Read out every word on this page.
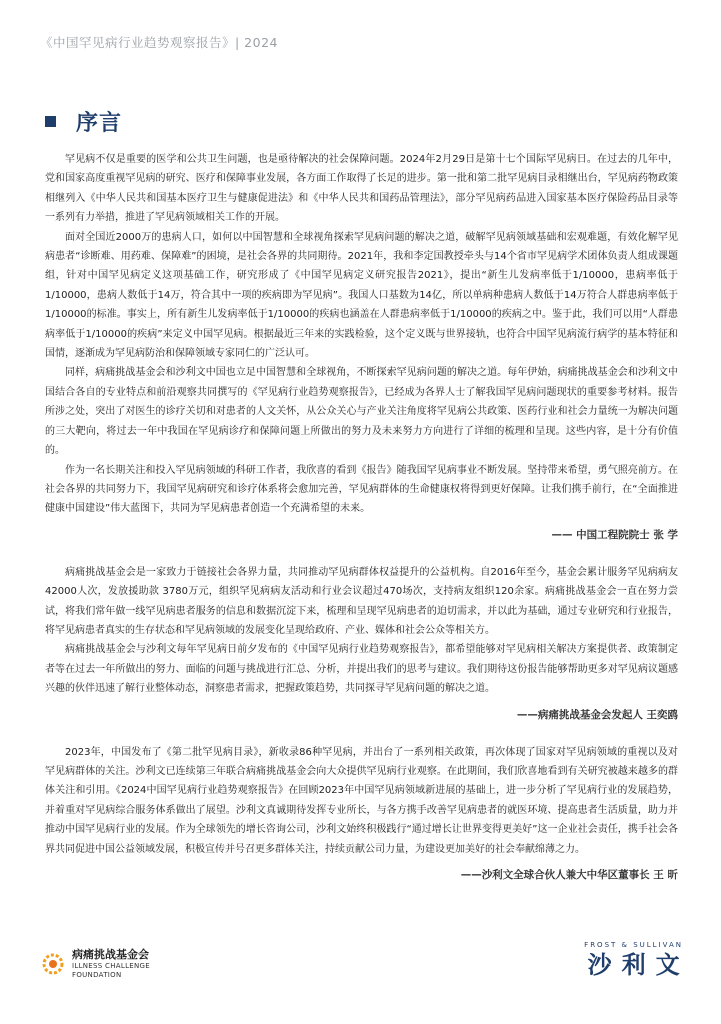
《中国罕见病行业趋势观察报告》| 2024
序言

罕见病不仅是重要的医学和公共卫生问题，也是亟待解决的社会保障问题。2024年2月29日是第十七个国际罕见病日。在过去的几年中，党和国家高度重视罕见病的研究、医疗和保障事业发展，各方面工作取得了长足的进步。第一批和第二批罕见病目录相继出台，罕见病药物政策相继列入《中华人民共和国基本医疗卫生与健康促进法》和《中华人民共和国药品管理法》，部分罕见病药品进入国家基本医疗保险药品目录等一系列有力举措，推进了罕见病领域相关工作的开展。

面对全国近2000万的患病人口，如何以中国智慧和全球视角探索罕见病问题的解决之道，破解罕见病领域基础和宏观难题，有效化解罕见病患者“诊断难、用药难、保障难”的困境，是社会各界的共同期待。2021年，我和李定国教授牵头与14个省市罕见病学术团体负责人组成课题组，针对中国罕见病定义这项基础工作，研究形成了《中国罕见病定义研究报告2021》，提出“新生儿发病率低于1/10000，患病率低于1/10000，患病人数低于14万，符合其中一项的疾病即为罕见病”。我国人口基数为14亿，所以单病种患病人数低于14万符合人群患病率低于1/10000的标准。事实上，所有新生儿发病率低于1/10000的疾病也涵盖在人群患病率低于1/10000的疾病之中。鉴于此，我们可以用“人群患病率低于1/10000的疾病”来定义中国罕见病。根据最近三年来的实践检验，这个定义既与世界接轨，也符合中国罕见病流行病学的基本特征和国情，逐渐成为罕见病防治和保障领域专家同仁的广泛认可。

同样，病痛挑战基金会和沙利文中国也立足中国智慧和全球视角，不断探索罕见病问题的解决之道。每年伊始，病痛挑战基金会和沙利文中国结合各自的专业特点和前沿观察共同撰写的《罕见病行业趋势观察报告》，已经成为各界人士了解我国罕见病问题现状的重要参考材料。报告所涉之处，突出了对医生的诊疗关切和对患者的人文关怀，从公众关心与产业关注角度将罕见病公共政策、医药行业和社会力量统一为解决问题的三大靶向，将过去一年中我国在罕见病诊疗和保障问题上所做出的努力及未来努力方向进行了详细的梳理和呈现。这些内容，是十分有价值的。

作为一名长期关注和投入罕见病领域的科研工作者，我欣喜的看到《报告》随我国罕见病事业不断发展。坚持带来希望，勇气照亮前方。在社会各界的共同努力下，我国罕见病研究和诊疗体系将会愈加完善，罕见病群体的生命健康权将得到更好保障。让我们携手前行，在“全面推进健康中国建设”伟大蓝图下，共同为罕见病患者创造一个充满希望的未来。

—— 中国工程院院士 张 学

病痛挑战基金会是一家致力于链接社会各界力量，共同推动罕见病群体权益提升的公益机构。自2016年至今，基金会累计服务罕见病病友 42000人次，发放援助款 3780万元，组织罕见病病友活动和行业会议超过470场次，支持病友组织120余家。病痛挑战基金会一直在努力尝试，将我们常年做一线罕见病患者服务的信息和数据沉淀下来，梳理和呈现罕见病患者的迫切需求，并以此为基础，通过专业研究和行业报告，将罕见病患者真实的生存状态和罕见病领域的发展变化呈现给政府、产业、媒体和社会公众等相关方。

病痛挑战基金会与沙利文每年罕见病日前夕发布的《中国罕见病行业趋势观察报告》，都希望能够对罕见病相关解决方案提供者、政策制定者等在过去一年所做出的努力、面临的问题与挑战进行汇总、分析，并提出我们的思考与建议。我们期待这份报告能够帮助更多对罕见病议题感兴趣的伙伴迅速了解行业整体动态，洞察患者需求，把握政策趋势，共同探寻罕见病问题的解决之道。

——病痛挑战基金会发起人 王奕鸥

2023年，中国发布了《第二批罕见病目录》，新收录86种罕见病，并出台了一系列相关政策，再次体现了国家对罕见病领域的重视以及对罕见病群体的关注。沙利文已连续第三年联合病痛挑战基金会向大众提供罕见病行业观察。在此期间，我们欣喜地看到有关研究被越来越多的群体关注和引用。《2024中国罕见病行业趋势观察报告》在回顾2023年中国罕见病领域新进展的基础上，进一步分析了罕见病行业的发展趋势，并着重对罕见病综合服务体系做出了展望。沙利文真诚期待发挥专业所长，与各方携手改善罕见病患者的就医环境、提高患者生活质量，助力并推动中国罕见病行业的发展。作为全球领先的增长咨询公司，沙利文始终积极践行“通过增长让世界变得更美好”这一企业社会责任，携手社会各界共同促进中国公益领域发展，积极宣传并号召更多群体关注，持续贡献公司力量，为建设更加美好的社会奉献绵薄之力。

——沙利文全球合伙人兼大中华区董事长 王 昕

病痛挑战基金会
ILLNESS CHALLENGE
FOUNDATION
FROST & SULLIVAN
沙利文
